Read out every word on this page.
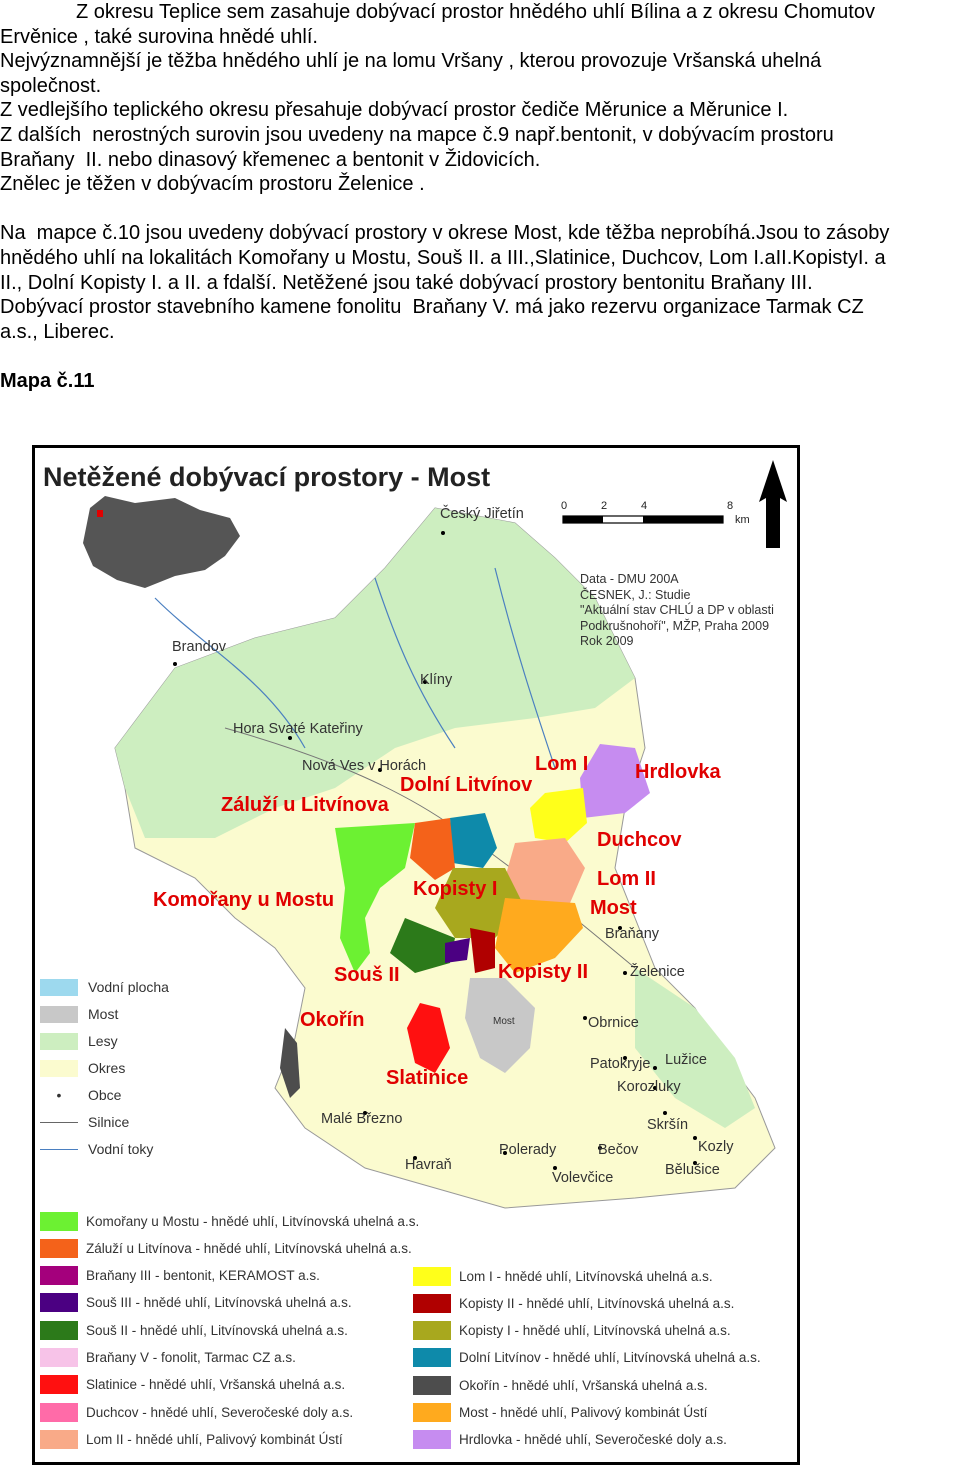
Z okresu Teplice sem zasahuje dobývací prostor hnědého uhlí Bílina a z okresu Chomutov

Ervěnice , také surovina hnědé uhlí.

Nejvýznamnější je těžba hnědého uhlí je na lomu Vršany , kterou provozuje Vršanská uhelná

společnost.

Z vedlejšího teplického okresu přesahuje dobývací prostor čediče Měrunice a Měrunice I.

Z dalších  nerostných surovin jsou uvedeny na mapce č.9 např.bentonit, v dobývacím prostoru

Braňany  II. nebo dinasový křemenec a bentonit v Židovicích.

Znělec je těžen v dobývacím prostoru Želenice .

Na  mapce č.10 jsou uvedeny dobývací prostory v okrese Most, kde těžba neprobíhá.Jsou to zásoby

hnědého uhlí na lokalitách Komořany u Mostu, Souš II. a III.,Slatinice, Duchcov, Lom I.aII.KopistyI. a

II., Dolní Kopisty I. a II. a fdalší. Netěžené jsou také dobývací prostory bentonitu Braňany III.

Dobývací prostor stavebního kamene fonolitu  Braňany V. má jako rezervu organizace Tarmak CZ

a.s., Liberec.

Mapa č.11

Netěžené dobývací prostory - Most
0	2	4	8
km
Data - DMU 200A
ČESNEK, J.: Studie
"Aktuální stav CHLÚ a DP v oblasti
Podkrušnohoří", MŽP, Praha 2009
Rok 2009
Český Jiřetín
Brandov
Klíny
Hora Svaté Kateřiny
Nová Ves v Horách
Braňany
Želenice
Obrnice
Patokryje Lužice
Korozluky
Skršín
Kozly
Bělušice
Bečov
Volevčice
Polerady
Havraň
Malé Březno
Most
Lom I Hrdlovka
Dolní Litvínov
Záluží u Litvínova
Duchcov
Lom II
Most
Komořany u Mostu	Kopisty I
Souš II	Kopisty II
Okořín
Slatinice
Vodní plocha
Most
Lesy
Okres
•	Obce
Silnice
Vodní toky
Komořany u Mostu - hnědé uhlí, Litvínovská uhelná a.s.
Záluží u Litvínova - hnědé uhlí, Litvínovská uhelná a.s.
Braňany III - bentonit, KERAMOST a.s.
Souš III - hnědé uhlí, Litvínovská uhelná a.s.
Souš II - hnědé uhlí, Litvínovská uhelná a.s.
Braňany V - fonolit, Tarmac CZ a.s.
Slatinice - hnědé uhlí, Vršanská uhelná a.s.
Duchcov - hnědé uhlí, Severočeské doly a.s.
Lom II - hnědé uhlí, Palivový kombinát Ústí
Lom I - hnědé uhlí, Litvínovská uhelná a.s.
Kopisty II - hnědé uhlí, Litvínovská uhelná a.s.
Kopisty I - hnědé uhlí, Litvínovská uhelná a.s.
Dolní Litvínov - hnědé uhlí, Litvínovská uhelná a.s.
Okořín - hnědé uhlí, Vršanská uhelná a.s.
Most - hnědé uhlí, Palivový kombinát Ústí
Hrdlovka - hnědé uhlí, Severočeské doly a.s.
